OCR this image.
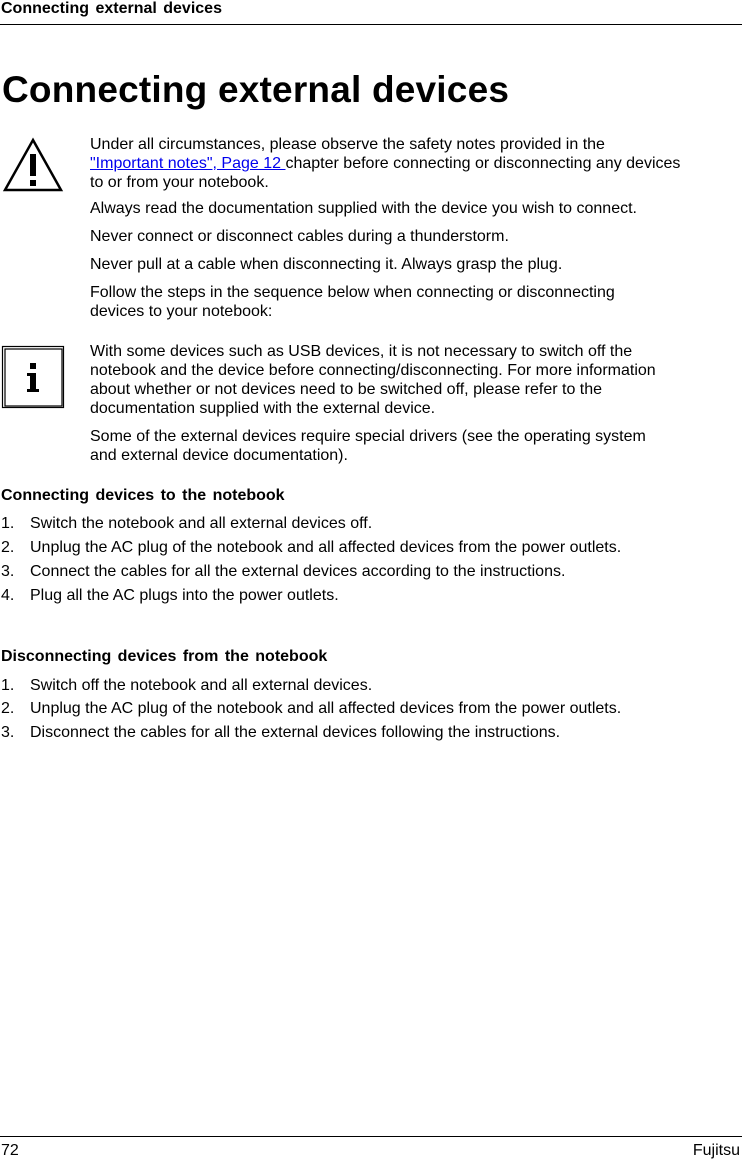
Connecting external devices
Connecting external devices

Under all circumstances, please observe the safety notes provided in the
"Important notes", Page 12 chapter before connecting or disconnecting any devices to or from your notebook.

Always read the documentation supplied with the device you wish to connect.

Never connect or disconnect cables during a thunderstorm.

Never pull at a cable when disconnecting it. Always grasp the plug.

Follow the steps in the sequence below when connecting or disconnecting devices to your notebook:

With some devices such as USB devices, it is not necessary to switch off the notebook and the device before connecting/disconnecting. For more information about whether or not devices need to be switched off, please refer to the documentation supplied with the external device.

Some of the external devices require special drivers (see the operating system and external device documentation).

Connecting devices to the notebook
1. Switch the notebook and all external devices off.
2. Unplug the AC plug of the notebook and all affected devices from the power outlets.
3. Connect the cables for all the external devices according to the instructions.
4. Plug all the AC plugs into the power outlets.
Disconnecting devices from the notebook
1. Switch off the notebook and all external devices.
2. Unplug the AC plug of the notebook and all affected devices from the power outlets.
3. Disconnect the cables for all the external devices following the instructions.
72	Fujitsu
